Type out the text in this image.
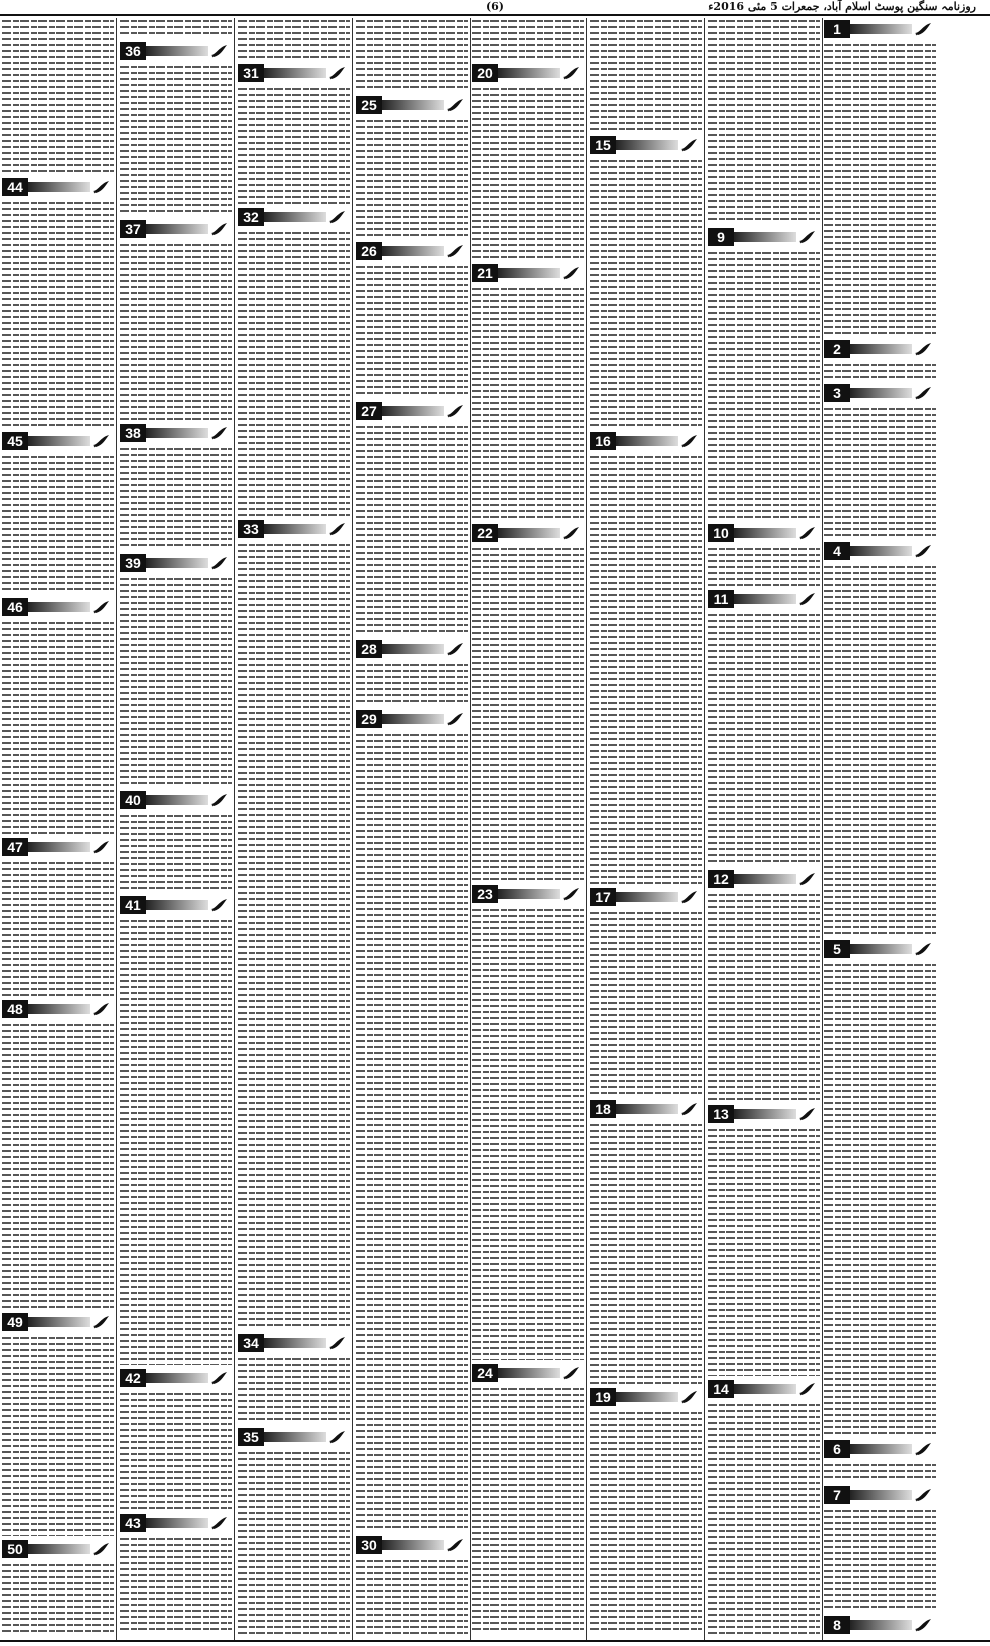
روزنامہ سنگین پوسٹ اسلام آباد، جمعرات 5 مئی 2016ء
(6)
1
2
3
4
5
6
7
8
9
10
11
12
13
14
15
16
17
18
19
20
21
22
23
24
25
26
27
28
29
30
31
32
33
34
35
36
37
38
39
40
41
42
43
44
45
46
47
48
49
50
